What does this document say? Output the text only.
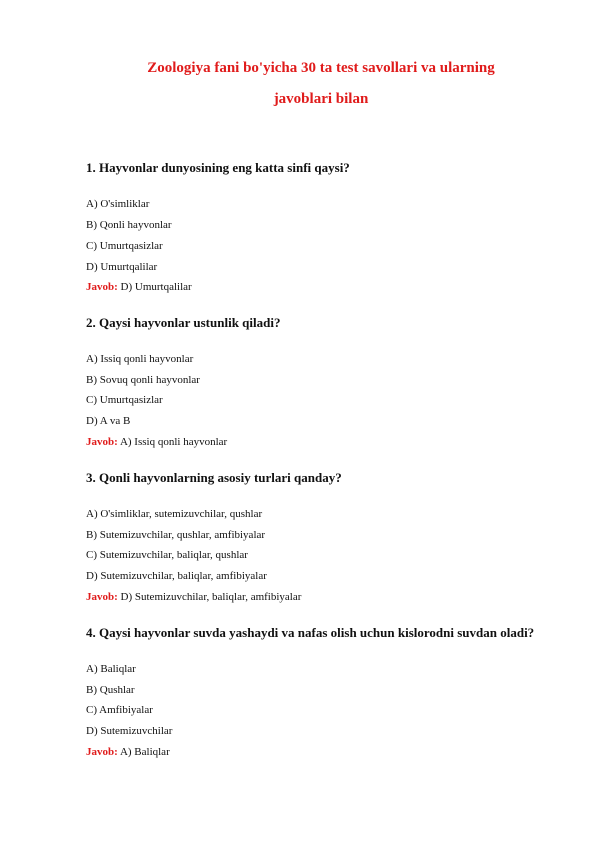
Zoologiya fani bo'yicha 30 ta test savollari va ularning
javoblari bilan
1. Hayvonlar dunyosining eng katta sinfi qaysi?
A) O'simliklar
B) Qonli hayvonlar
C) Umurtqasizlar
D) Umurtqalilar
Javob: D) Umurtqalilar
2. Qaysi hayvonlar ustunlik qiladi?
A) Issiq qonli hayvonlar
B) Sovuq qonli hayvonlar
C) Umurtqasizlar
D) A va B
Javob: A) Issiq qonli hayvonlar
3. Qonli hayvonlarning asosiy turlari qanday?
A) O'simliklar, sutemizuvchilar, qushlar
B) Sutemizuvchilar, qushlar, amfibiyalar
C) Sutemizuvchilar, baliqlar, qushlar
D) Sutemizuvchilar, baliqlar, amfibiyalar
Javob: D) Sutemizuvchilar, baliqlar, amfibiyalar
4. Qaysi hayvonlar suvda yashaydi va nafas olish uchun kislorodni suvdan oladi?
A) Baliqlar
B) Qushlar
C) Amfibiyalar
D) Sutemizuvchilar
Javob: A) Baliqlar
